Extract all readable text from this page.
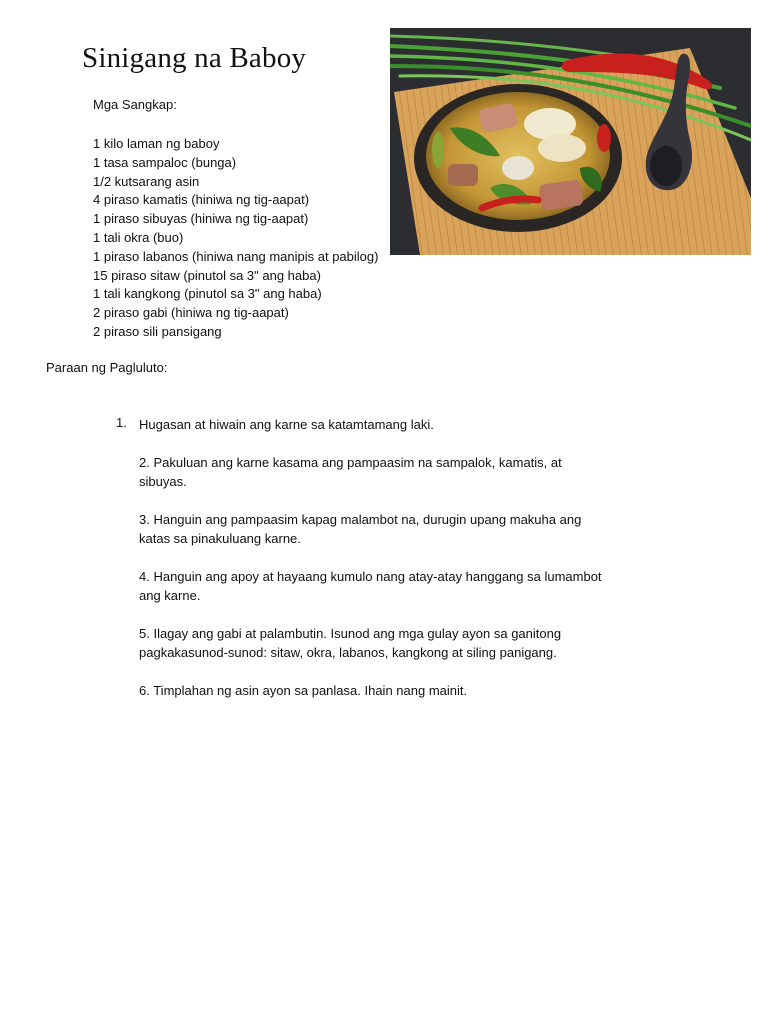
Sinigang na Baboy
Mga Sangkap:
1 kilo laman ng baboy
1 tasa sampaloc (bunga)
1/2 kutsarang asin
4 piraso kamatis (hiniwa ng tig-aapat)
1 piraso sibuyas (hiniwa ng tig-aapat)
1 tali okra (buo)
1 piraso labanos (hiniwa nang manipis at pabilog)
15 piraso sitaw (pinutol sa 3" ang haba)
1 tali kangkong (pinutol sa 3" ang haba)
2 piraso gabi (hiniwa ng tig-aapat)
2 piraso sili pansigang
Paraan ng Pagluluto:
1. Hugasan at hiwain ang karne sa katamtamang laki.
2. Pakuluan ang karne kasama ang pampaasim na sampalok, kamatis, at sibuyas.
3. Hanguin ang pampaasim kapag malambot na, durugin upang makuha ang katas sa pinakuluang karne.
4. Hanguin ang apoy at hayaang kumulo nang atay-atay hanggang sa lumambot ang karne.
5. Ilagay ang gabi at palambutin. Isunod ang mga gulay ayon sa ganitong pagkakasunod-sunod: sitaw, okra, labanos, kangkong at siling panigang.
6. Timplahan ng asin ayon sa panlasa. Ihain nang mainit.
